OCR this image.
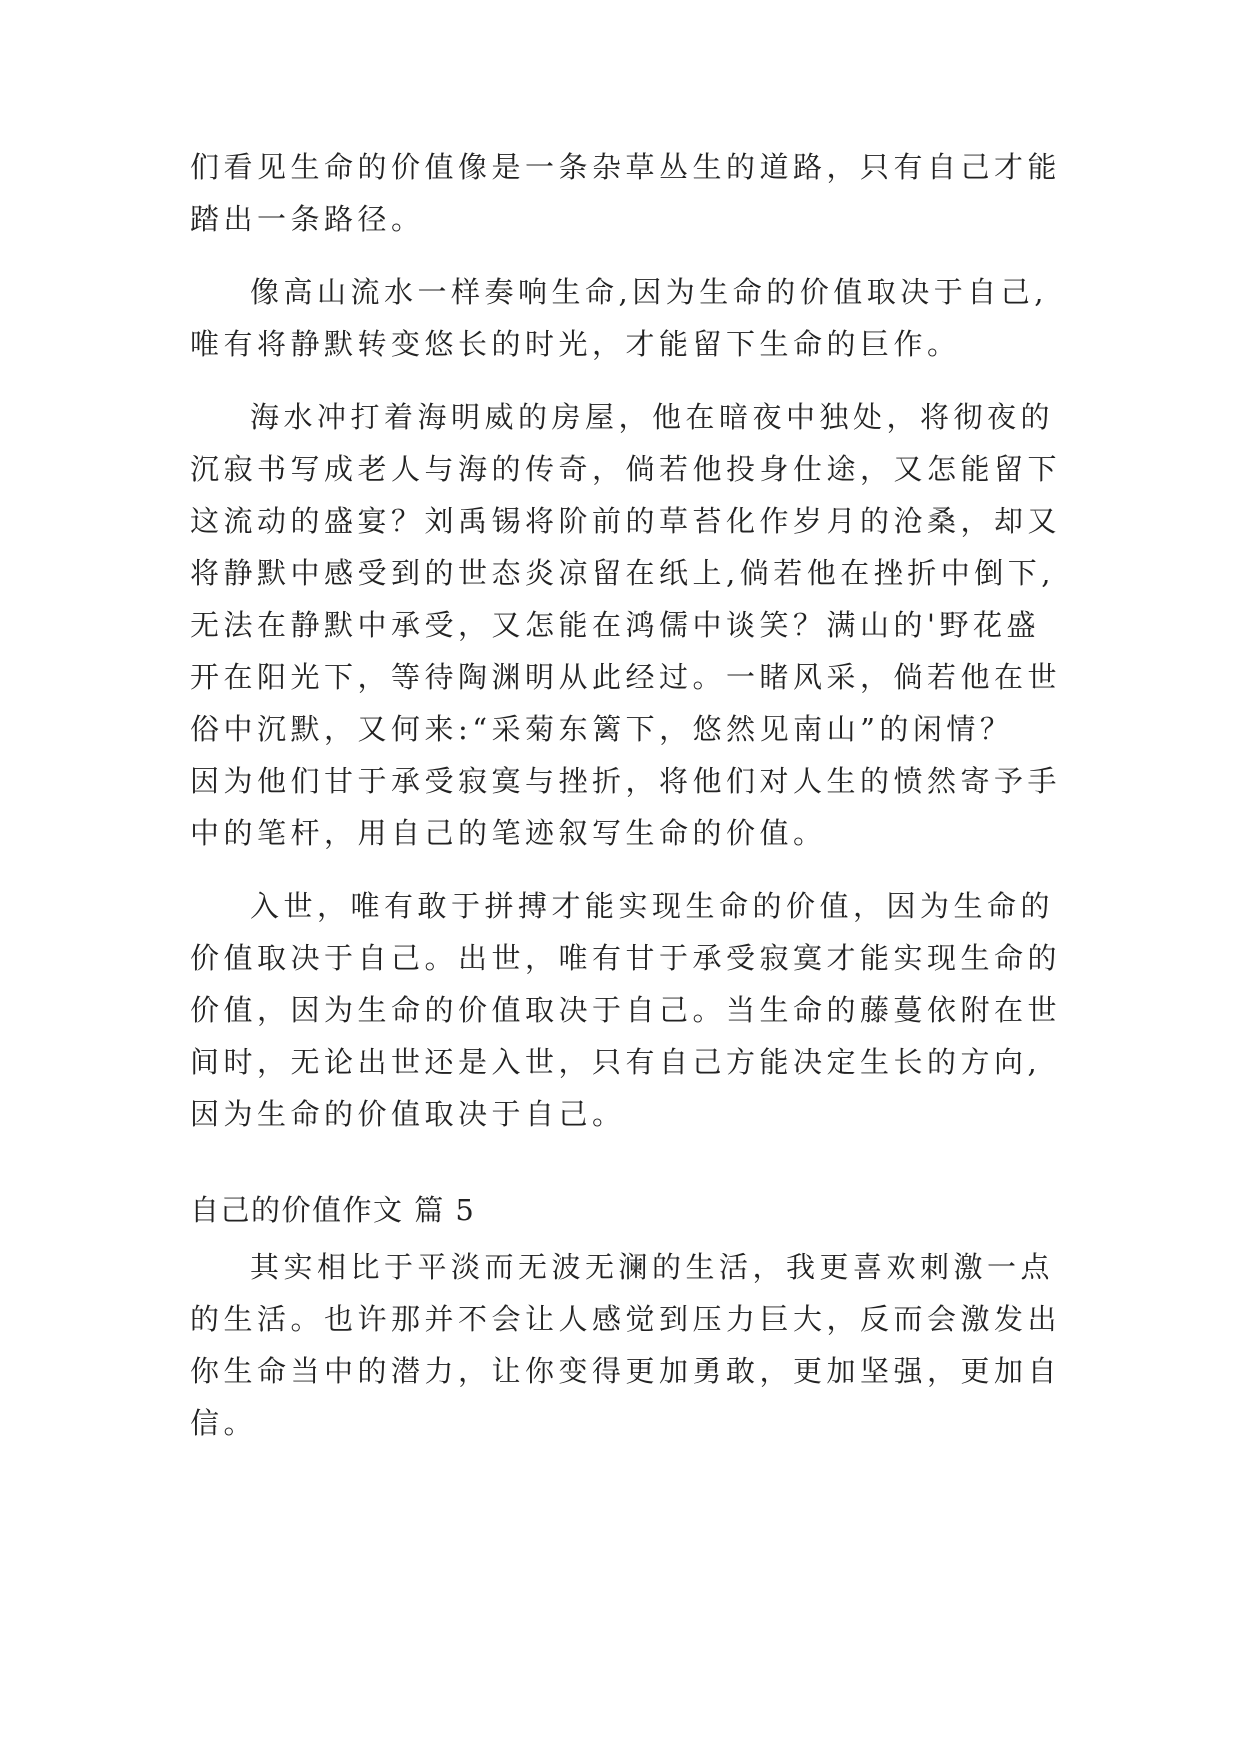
们看见生命的价值像是一条杂草丛生的道路，只有自己才能
踏出一条路径。
像高山流水一样奏响生命,因为生命的价值取决于自己,
唯有将静默转变悠长的时光，才能留下生命的巨作。
海水冲打着海明威的房屋，他在暗夜中独处，将彻夜的
沉寂书写成老人与海的传奇，倘若他投身仕途，又怎能留下
这流动的盛宴？刘禹锡将阶前的草苔化作岁月的沧桑，却又
将静默中感受到的世态炎凉留在纸上,倘若他在挫折中倒下,
无法在静默中承受，又怎能在鸿儒中谈笑？满山的'野花盛
开在阳光下，等待陶渊明从此经过。一睹风采，倘若他在世
俗中沉默，又何来:“采菊东篱下，悠然见南山”的闲情？
因为他们甘于承受寂寞与挫折，将他们对人生的愤然寄予手
中的笔杆，用自己的笔迹叙写生命的价值。
入世，唯有敢于拼搏才能实现生命的价值，因为生命的
价值取决于自己。出世，唯有甘于承受寂寞才能实现生命的
价值，因为生命的价值取决于自己。当生命的藤蔓依附在世
间时，无论出世还是入世，只有自己方能决定生长的方向,
因为生命的价值取决于自己。
自己的价值作文 篇 5
其实相比于平淡而无波无澜的生活，我更喜欢刺激一点
的生活。也许那并不会让人感觉到压力巨大，反而会激发出
你生命当中的潜力，让你变得更加勇敢，更加坚强，更加自
信。
